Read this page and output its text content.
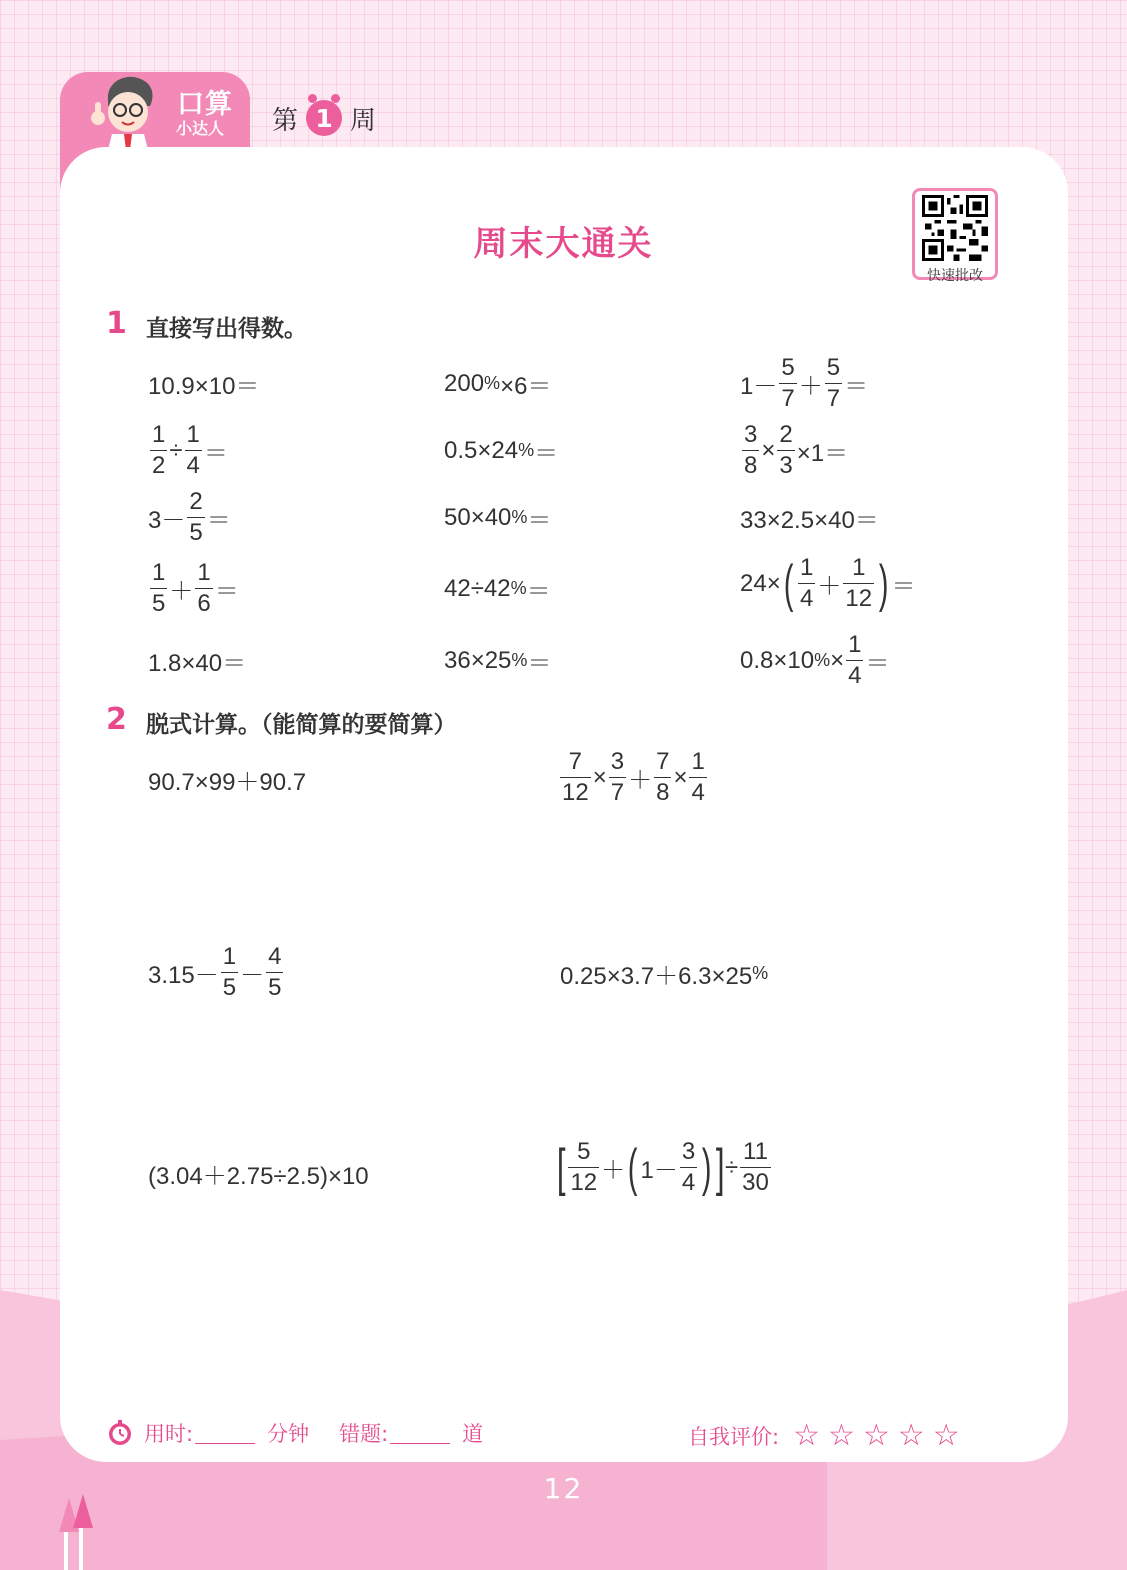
口算
小达人 第 1 周
周末大通关
快速批改
1 直接写出得数。
10.9×10＝	200 % ×6＝	$1- \frac{5}{7} + \frac{5}{7}$ ＝
$\frac{1}{2} \div \frac{1}{4}$ ＝	0.5×24 % ＝	$\frac{3}{8} \times \frac{2}{3} \times 1=$
$3- \frac{2}{5}$ ＝	50×40 % ＝	33×2.5×40＝
$\frac{1}{5} + \frac{1}{6}$ ＝	42÷42 % ＝	24× ( $\frac{1}{4} + \frac{1}{12}$ ) ＝
1.8×40＝	36×25 % ＝	0.8×10 % × $\frac{1}{4}$ ＝
2 脱式计算。（能简算的要简算）
90.7×99＋90.7	$\frac{7}{12} \times \frac{3}{7} + \frac{7}{8} \times \frac{1}{4}$
$3.15- \frac{1}{5} - \frac{4}{5}$	0.25×3.7＋6.3×25 %
(3.04＋2.75÷2.5)×10	[ $\frac{5}{12}$ ＋ ( $1- \frac{3}{4}$ ) ] ÷ $\frac{11}{30}$
用时:	分钟 错题:	道	自我评价: ☆ ☆ ☆ ☆ ☆
12
